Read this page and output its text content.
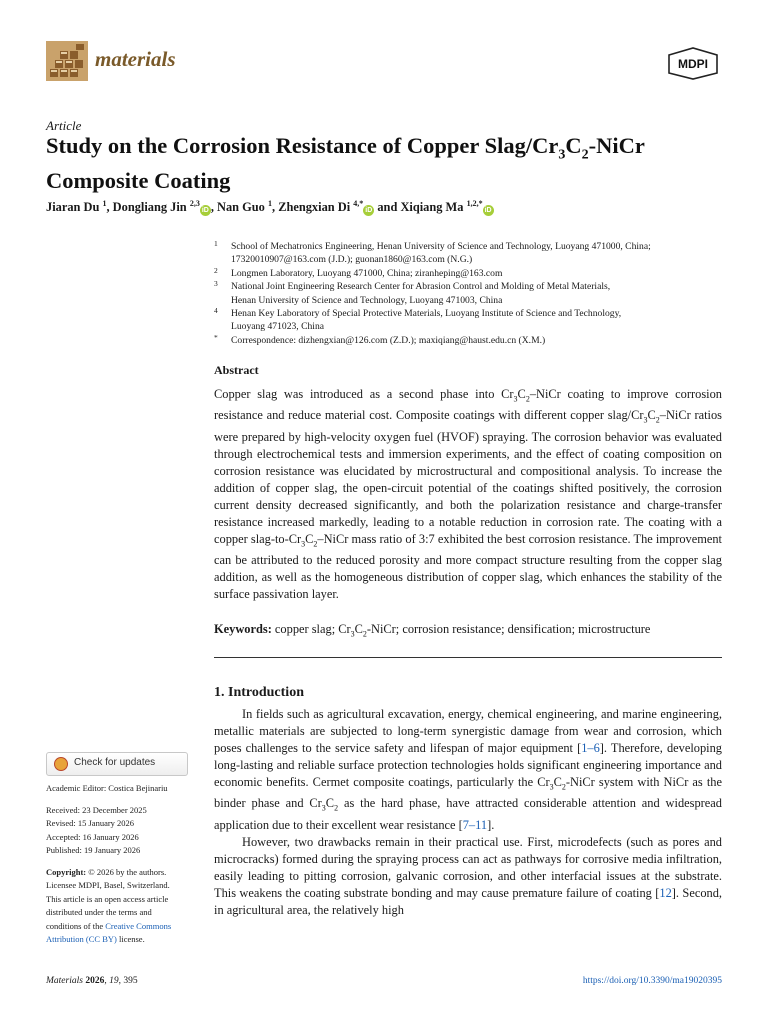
materials	MDPI
Article
Study on the Corrosion Resistance of Copper Slag/$Cr_3C_2$-NiCr Composite Coating
Jiaran Du $^1$, Dongliang Jin $^{2,3}$iD , Nan Guo $^1$, Zhengxian Di $^{4,*}$iD and Xiqiang Ma $^{1,2,*}$iD
1 School of Mechatronics Engineering, Henan University of Science and Technology, Luoyang 471000, China;
17320010907@163.com (J.D.); guonan1860@163.com (N.G.)
2 Longmen Laboratory, Luoyang 471000, China; ziranheping@163.com
3 National Joint Engineering Research Center for Abrasion Control and Molding of Metal Materials,
Henan University of Science and Technology, Luoyang 471003, China
4 Henan Key Laboratory of Special Protective Materials, Luoyang Institute of Science and Technology,
Luoyang 471023, China
* Correspondence: dizhengxian@126.com (Z.D.); maxiqiang@haust.edu.cn (X.M.)
Abstract
Copper slag was introduced as a second phase into $Cr_3C_2$–NiCr coating to improve corrosion resistance and reduce material cost. Composite coatings with different copper slag/$Cr_3C_2$–NiCr ratios were prepared by high-velocity oxygen fuel (HVOF) spraying. The corrosion behavior was evaluated through electrochemical tests and immersion experiments, and the effect of coating composition on corrosion resistance was elucidated by microstructural and compositional analysis. To increase the addition of copper slag, the open-circuit potential of the coatings shifted positively, the corrosion current density decreased significantly, and both the polarization resistance and charge-transfer resistance increased markedly, leading to a notable reduction in corrosion rate. The coating with a copper slag-$to-Cr_3C_2$–NiCr mass ratio of 3:7 exhibited the best corrosion resistance. The improvement can be attributed to the reduced porosity and more compact structure resulting from the copper slag addition, as well as the homogeneous distribution of copper slag, which enhances the stability of the surface passivation layer.
Keywords: copper slag; $Cr_3C_2$-NiCr; corrosion resistance; densification; microstructure
1. Introduction

In fields such as agricultural excavation, energy, chemical engineering, and marine engineering, metallic materials are subjected to long-term synergistic damage from wear and corrosion, which poses challenges to the service safety and lifespan of major equipment [1–6]. Therefore, developing long-lasting and reliable surface protection technologies holds significant engineering importance and economic benefits. Cermet composite coatings, particularly the $Cr_3C_2$-NiCr system with NiCr as the binder phase and $Cr_3C_2$ as the hard phase, have attracted considerable attention and widespread application due to their excellent wear resistance [7–11].

However, two drawbacks remain in their practical use. First, microdefects (such as pores and microcracks) formed during the spraying process can act as pathways for corrosive media infiltration, easily leading to pitting corrosion, galvanic corrosion, and other interfacial issues at the substrate. This weakens the coating substrate bonding and may cause premature failure of coating [12]. Second, in agricultural area, the relatively high

Check for updates
Academic Editor: Costica Bejinariu
Received: 23 December 2025
Revised: 15 January 2026
Accepted: 16 January 2026
Published: 19 January 2026
Copyright: © 2026 by the authors.
Licensee MDPI, Basel, Switzerland.
This article is an open access article
distributed under the terms and
conditions of the Creative Commons
Attribution (CC BY) license.
Materials 2026, 19, 395	https://doi.org/10.3390/ma19020395
